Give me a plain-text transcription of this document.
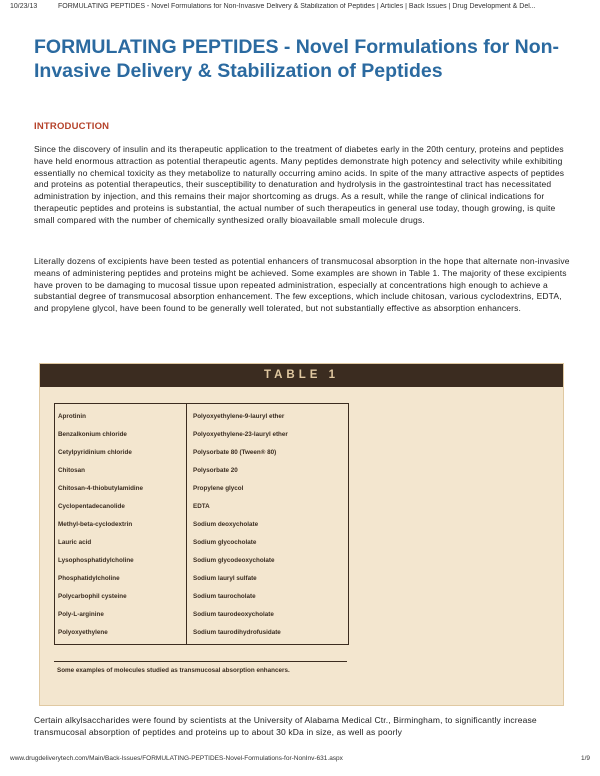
10/23/13	FORMULATING PEPTIDES - Novel Formulations for Non-Invasive Delivery & Stabilization of Peptides | Articles | Back Issues | Drug Development & Del...
FORMULATING PEPTIDES - Novel Formulations for Non-Invasive Delivery & Stabilization of Peptides
INTRODUCTION

Since the discovery of insulin and its therapeutic application to the treatment of diabetes early in the 20th century, proteins and peptides have held enormous attraction as potential therapeutic agents. Many peptides demonstrate high potency and selectivity while exhibiting essentially no chemical toxicity as they metabolize to naturally occurring amino acids. In spite of the many attractive aspects of peptides and proteins as potential therapeutics, their susceptibility to denaturation and hydrolysis in the gastrointestinal tract has necessitated administration by injection, and this remains their major shortcoming as drugs. As a result, while the range of clinical indications for therapeutic peptides and proteins is substantial, the actual number of such therapeutics in general use today, though growing, is quite small compared with the number of chemically synthesized orally bioavailable small molecule drugs.

Literally dozens of excipients have been tested as potential enhancers of transmucosal absorption in the hope that alternate non-invasive means of administering peptides and proteins might be achieved. Some examples are shown in Table 1. The majority of these excipients have proven to be damaging to mucosal tissue upon repeated administration, especially at concentrations high enough to achieve a substantial degree of transmucosal absorption enhancement. The few exceptions, which include chitosan, various cyclodextrins, EDTA, and propylene glycol, have been found to be generally well tolerated, but not substantially effective as absorption enhancers.

TABLE 1
Aprotinin
Benzalkonium chloride
Cetylpyridinium chloride
Chitosan
Chitosan-4-thiobutylamidine
Cyclopentadecanolide
Methyl-beta-cyclodextrin
Lauric acid
Lysophosphatidylcholine
Phosphatidylcholine
Polycarbophil cysteine
Poly-L-arginine
Polyoxyethylene
Polyoxyethylene-9-lauryl ether
Polyoxyethylene-23-lauryl ether
Polysorbate 80 (Tween® 80)
Polysorbate 20
Propylene glycol
EDTA
Sodium deoxycholate
Sodium glycocholate
Sodium glycodeoxycholate
Sodium lauryl sulfate
Sodium taurocholate
Sodium taurodeoxycholate
Sodium taurodihydrofusidate
Some examples of molecules studied as transmucosal absorption enhancers.

Certain alkylsaccharides were found by scientists at the University of Alabama Medical Ctr., Birmingham, to significantly increase transmucosal absorption of peptides and proteins up to about 30 kDa in size, as well as poorly

www.drugdeliverytech.com/Main/Back-Issues/FORMULATING-PEPTIDES-Novel-Formulations-for-NonInv-631.aspx	1/9
